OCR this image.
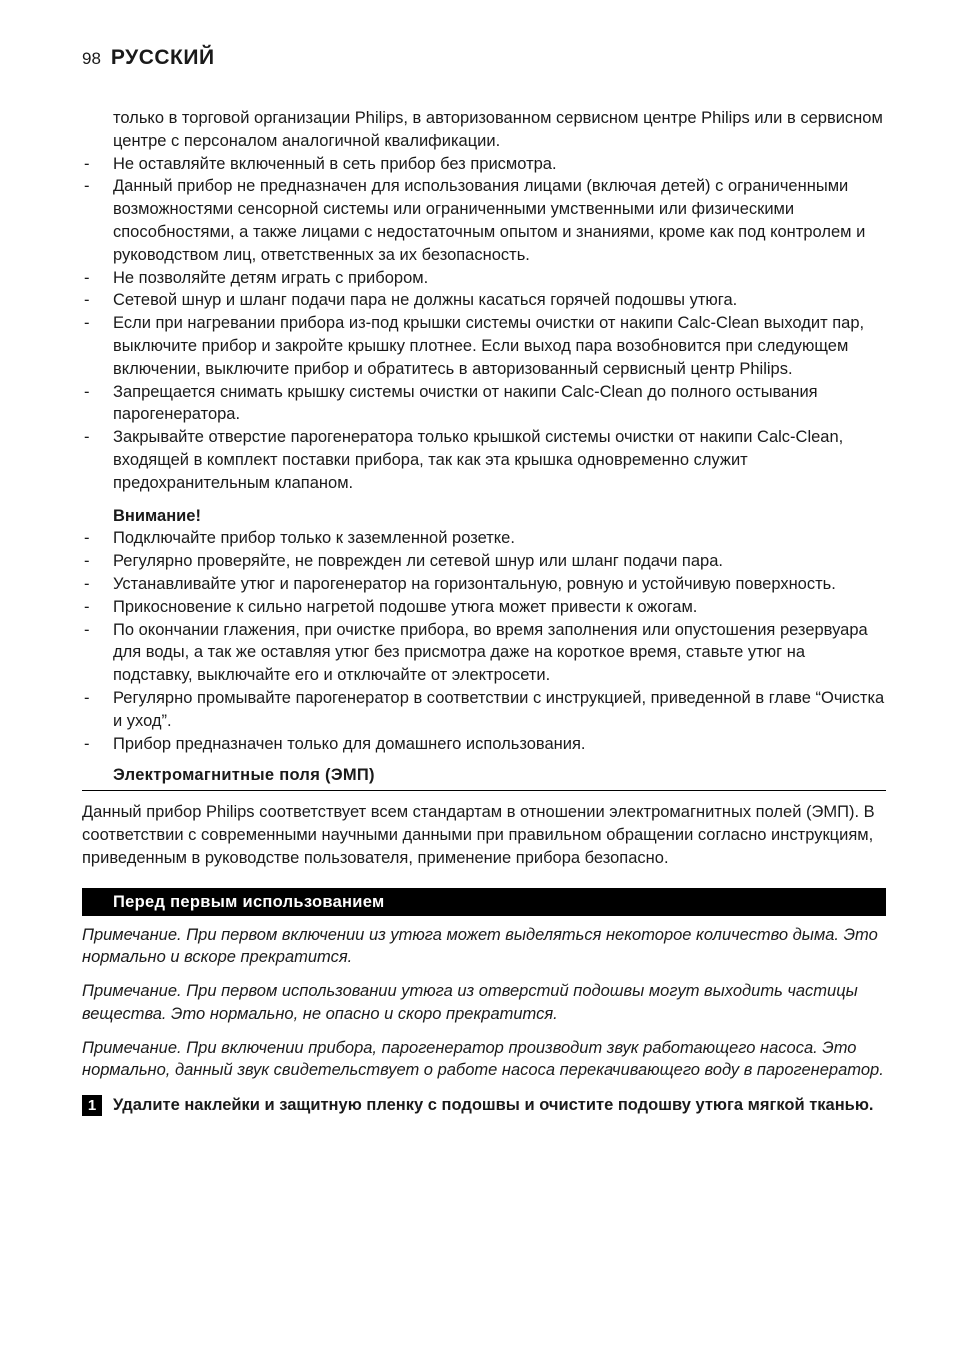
98 РУССКИЙ

только в торговой организации Philips, в авторизованном сервисном центре Philips или в сервисном центре с персоналом аналогичной квалификации.

- Не оставляйте включенный в сеть прибор без присмотра.
- Данный прибор не предназначен для использования лицами (включая детей) с ограниченными возможностями сенсорной системы или ограниченными умственными или физическими способностями, а также лицами с недостаточным опытом и знаниями, кроме как под контролем и руководством лиц, ответственных за их безопасность.
- Не позволяйте детям играть с прибором.
- Сетевой шнур и шланг подачи пара не должны касаться горячей подошвы утюга.
- Если при нагревании прибора из-под крышки системы очистки от накипи Calc-Clean выходит пар, выключите прибор и закройте крышку плотнее. Если выход пара возобновится при следующем включении, выключите прибор и обратитесь в авторизованный сервисный центр Philips.
- Запрещается снимать крышку системы очистки от накипи Calc-Clean до полного остывания парогенератора.
- Закрывайте отверстие парогенератора только крышкой системы очистки от накипи Calc-Clean, входящей в комплект поставки прибора, так как эта крышка одновременно служит предохранительным клапаном.
Внимание!
- Подключайте прибор только к заземленной розетке.
- Регулярно проверяйте, не поврежден ли сетевой шнур или шланг подачи пара.
- Устанавливайте утюг и парогенератор на горизонтальную, ровную и устойчивую поверхность.
- Прикосновение к сильно нагретой подошве утюга может привести к ожогам.
- По окончании глажения, при очистке прибора, во время заполнения или опустошения резервуара для воды, а так же оставляя утюг без присмотра даже на короткое время, ставьте утюг на подставку, выключайте его и отключайте от электросети.
- Регулярно промывайте парогенератор в соответствии с инструкцией, приведенной в главе “Очистка и уход”.
- Прибор предназначен только для домашнего использования.
Электромагнитные поля (ЭМП)

Данный прибор Philips соответствует всем стандартам в отношении электромагнитных полей (ЭМП). В соответствии с современными научными данными при правильном обращении согласно инструкциям, приведенным в руководстве пользователя, применение прибора безопасно.

Перед первым использованием

Примечание. При первом включении из утюга может выделяться некоторое количество дыма. Это нормально и вскоре прекратится.

Примечание. При первом использовании утюга из отверстий подошвы могут выходить частицы вещества. Это нормально, не опасно и скоро прекратится.

Примечание. При включении прибора, парогенератор производит звук работающего насоса. Это нормально, данный звук свидетельствует о работе насоса перекачивающего воду в парогенератор.

1	Удалите наклейки и защитную пленку с подошвы и очистите подошву утюга мягкой тканью.
